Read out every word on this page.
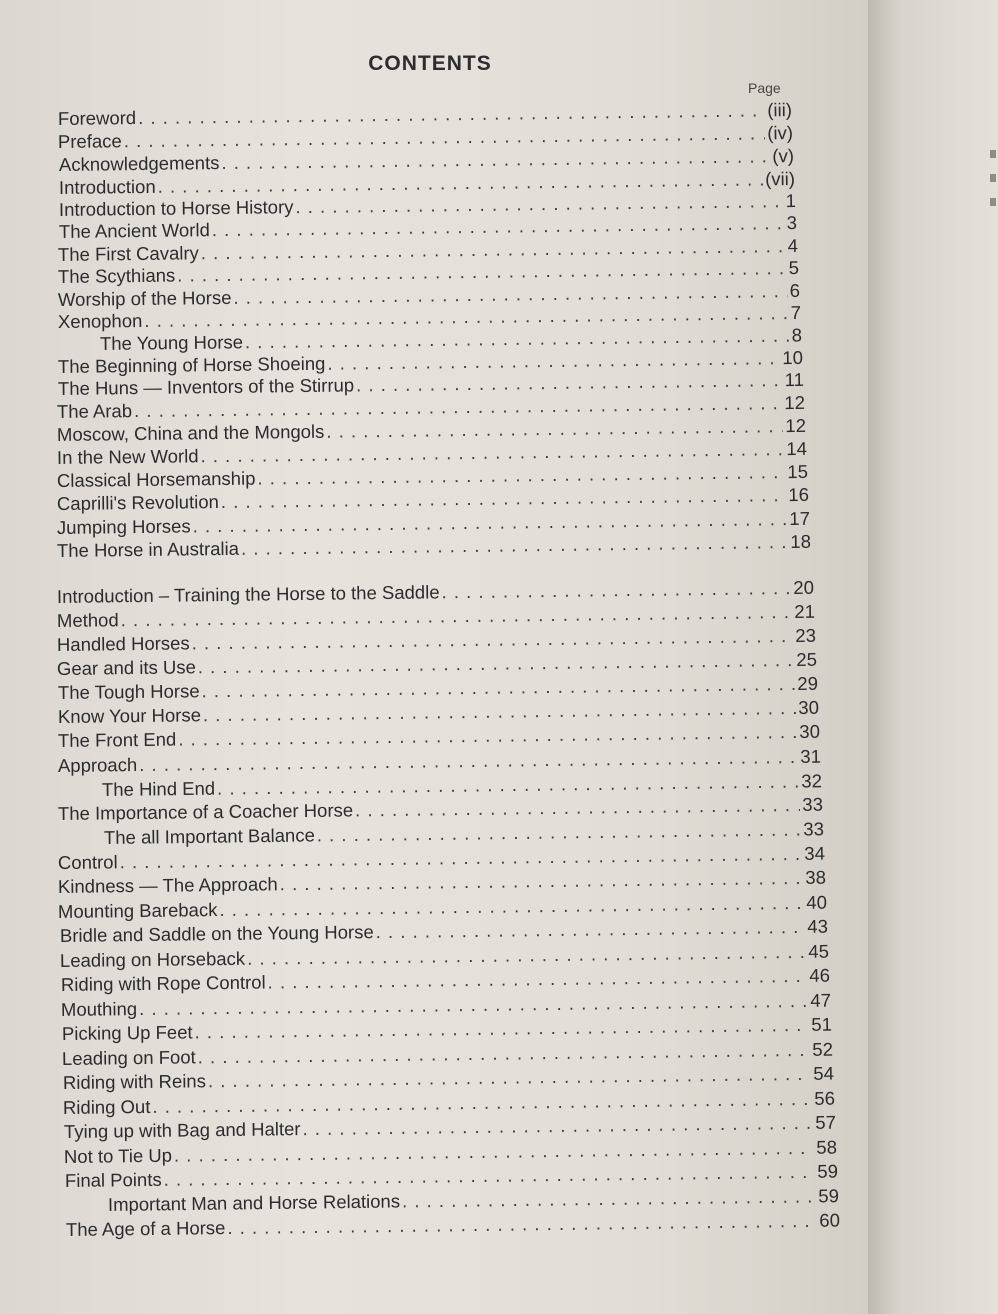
CONTENTS
Page
Foreword . . .	(iii)
Preface . . .	(iv)
Acknowledgements . . .	(v)
Introduction . . .	(vii)
Introduction to Horse History . . .	1
The Ancient World . . .	3
The First Cavalry . . .	4
The Scythians . . .	5
Worship of the Horse . . .	6
Xenophon . . .	7
The Young Horse . . .	8
The Beginning of Horse Shoeing . . .	10
The Huns — Inventors of the Stirrup . . .	11
The Arab . . .	12
Moscow, China and the Mongols . . .	12
In the New World . . .	14
Classical Horsemanship . . .	15
Caprilli's Revolution . . .	16
Jumping Horses . . .	17
The Horse in Australia . . .	18
Introduction – Training the Horse to the Saddle . . .	20
Method . . .	21
Handled Horses . . .	23
Gear and its Use . . .	25
The Tough Horse . . .	29
Know Your Horse . . .	30
The Front End . . .	30
Approach . . .	31
The Hind End . . .	32
The Importance of a Coacher Horse . . .	33
The all Important Balance . . .	33
Control . . .	34
Kindness — The Approach . . .	38
Mounting Bareback . . .	40
Bridle and Saddle on the Young Horse . . .	43
Leading on Horseback . . .	45
Riding with Rope Control . . .	46
Mouthing . . .	47
Picking Up Feet . . .	51
Leading on Foot . . .	52
Riding with Reins . . .	54
Riding Out . . .	56
Tying up with Bag and Halter . . .	57
Not to Tie Up . . .	58
Final Points . . .	59
Important Man and Horse Relations . . .	59
The Age of a Horse . . .	60
